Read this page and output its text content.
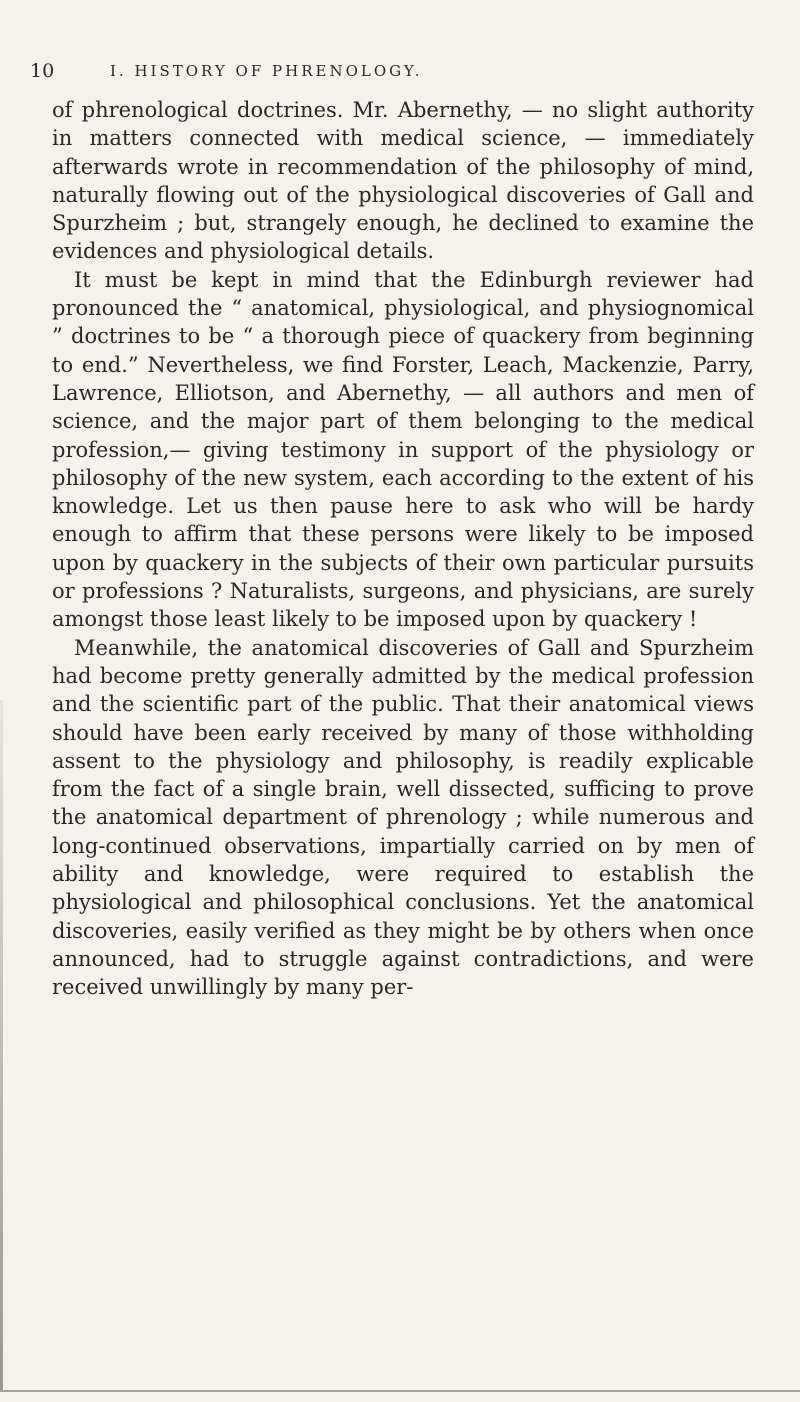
10	I. HISTORY OF PHRENOLOGY.

of phrenological doctrines. Mr. Abernethy, — no slight authority in matters connected with medical science, — immediately afterwards wrote in recommendation of the philosophy of mind, naturally flowing out of the physiological discoveries of Gall and Spurzheim ; but, strangely enough, he declined to examine the evidences and physiological details.

It must be kept in mind that the Edinburgh reviewer had pronounced the “ anatomical, physiological, and physiognomical ” doctrines to be “ a thorough piece of quackery from beginning to end.” Nevertheless, we find Forster, Leach, Mackenzie, Parry, Lawrence, Elliotson, and Abernethy, — all authors and men of science, and the major part of them belonging to the medical profession,— giving testimony in support of the physiology or philosophy of the new system, each according to the extent of his knowledge. Let us then pause here to ask who will be hardy enough to affirm that these persons were likely to be imposed upon by quackery in the subjects of their own particular pursuits or professions ? Naturalists, surgeons, and physicians, are surely amongst those least likely to be imposed upon by quackery !

Meanwhile, the anatomical discoveries of Gall and Spurzheim had become pretty generally admitted by the medical profession and the scientific part of the public. That their anatomical views should have been early received by many of those withholding assent to the physiology and philosophy, is readily explicable from the fact of a single brain, well dissected, sufficing to prove the anatomical department of phrenology ; while numerous and long-continued observations, impartially carried on by men of ability and knowledge, were required to establish the physiological and philosophical conclusions. Yet the anatomical discoveries, easily verified as they might be by others when once announced, had to struggle against contradictions, and were received unwillingly by many per-
